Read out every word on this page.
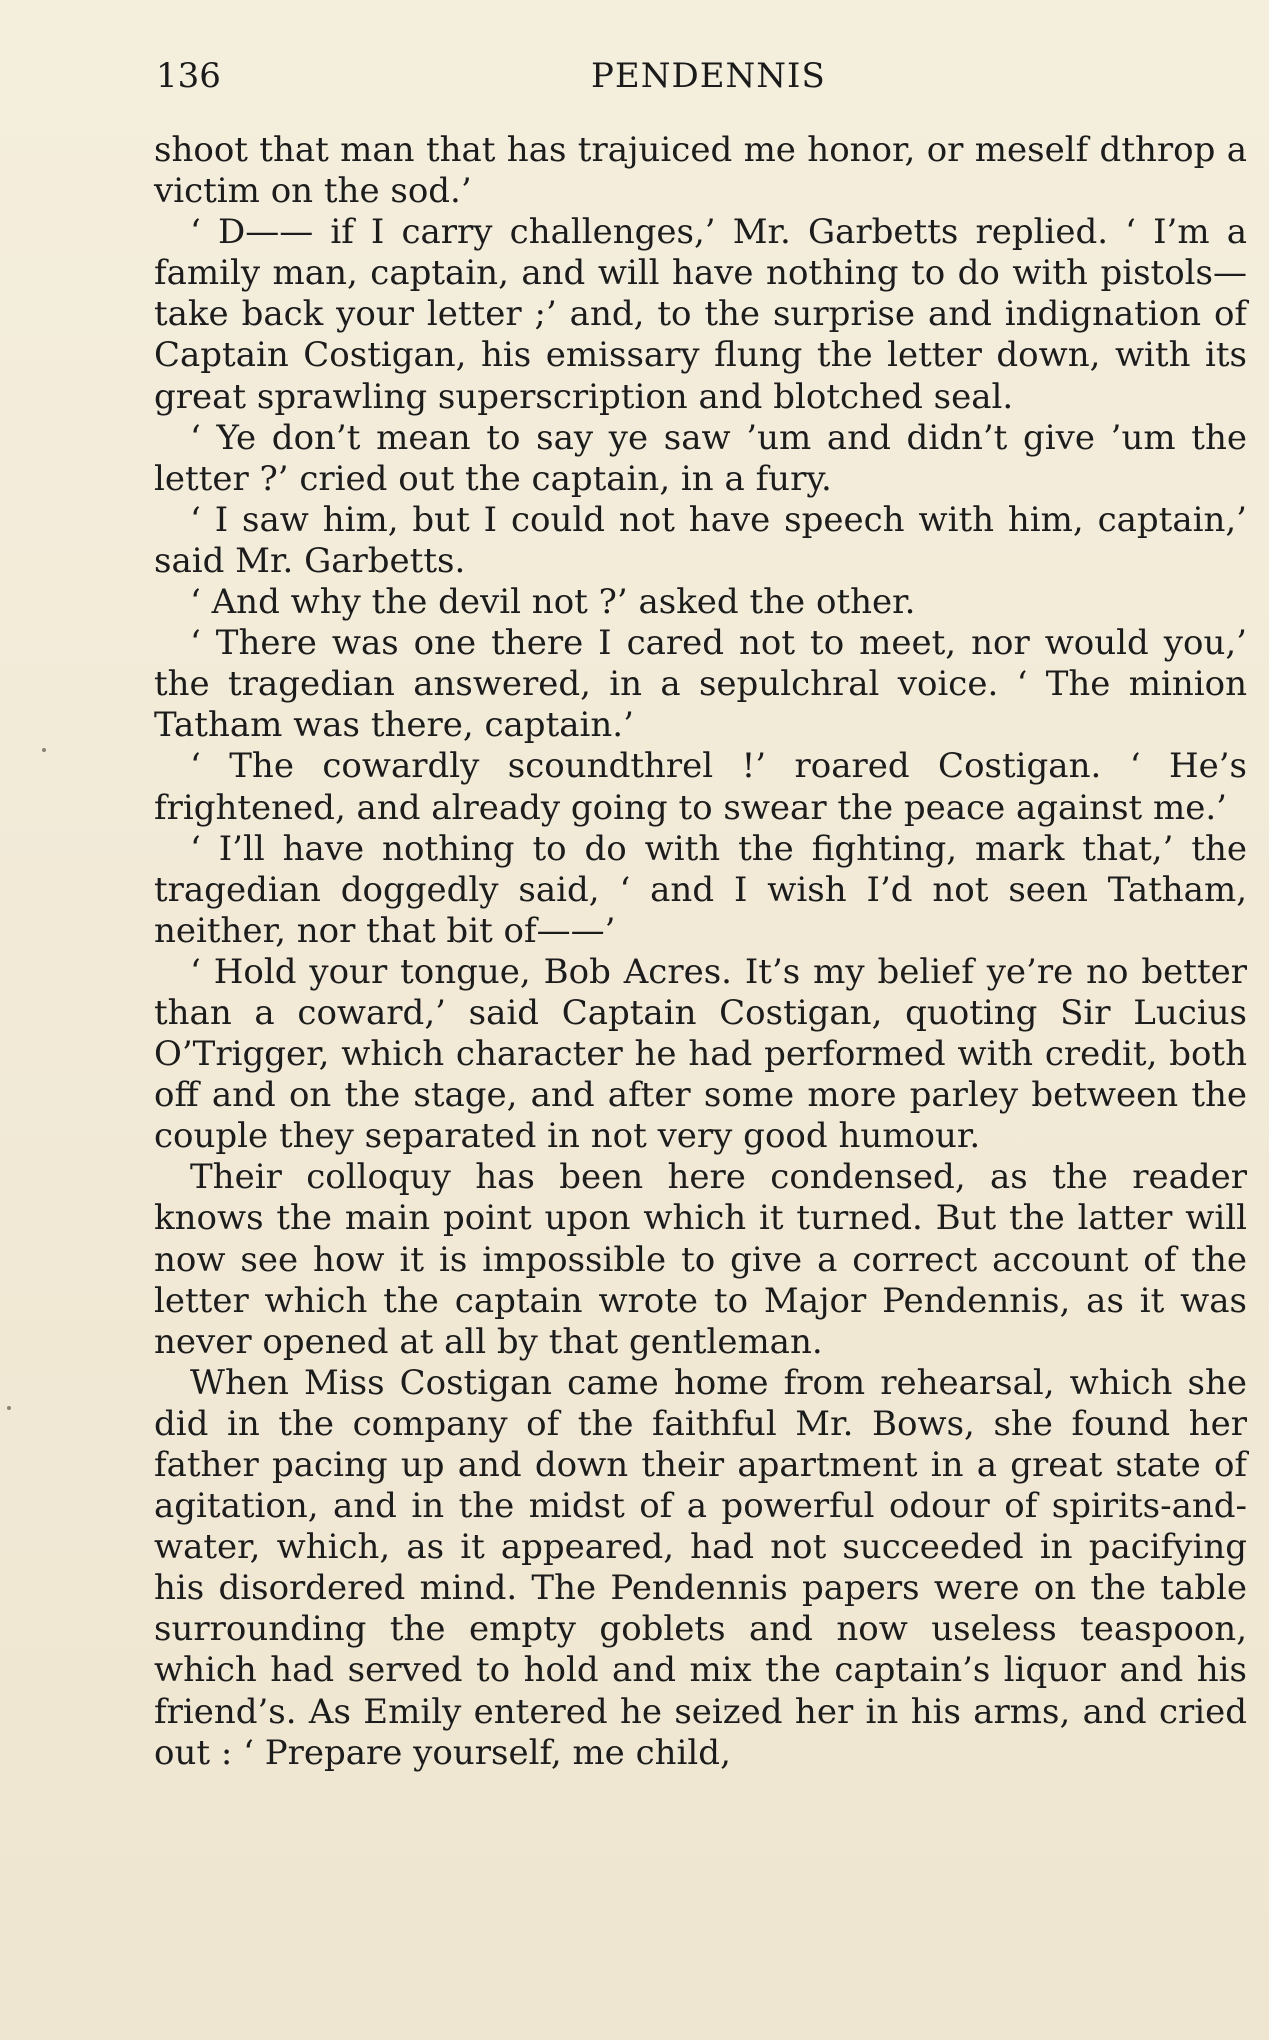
136	PENDENNIS

shoot that man that has trajuiced me honor, or meself dthrop a victim on the sod.’

‘ D—— if I carry challenges,’ Mr. Garbetts replied. ‘ I’m a family man, captain, and will have nothing to do with pistols—take back your letter ;’ and, to the surprise and indignation of Captain Costigan, his emissary flung the letter down, with its great sprawling superscription and blotched seal.

‘ Ye don’t mean to say ye saw ’um and didn’t give ’um the letter ?’ cried out the captain, in a fury.

‘ I saw him, but I could not have speech with him, captain,’ said Mr. Garbetts.

‘ And why the devil not ?’ asked the other.

‘ There was one there I cared not to meet, nor would you,’ the tragedian answered, in a sepulchral voice. ‘ The minion Tatham was there, captain.’

‘ The cowardly scoundthrel !’ roared Costigan. ‘ He’s frightened, and already going to swear the peace against me.’

‘ I’ll have nothing to do with the fighting, mark that,’ the tragedian doggedly said, ‘ and I wish I’d not seen Tatham, neither, nor that bit of——’

‘ Hold your tongue, Bob Acres. It’s my belief ye’re no better than a coward,’ said Captain Costigan, quoting Sir Lucius O’Trigger, which character he had performed with credit, both off and on the stage, and after some more parley between the couple they separated in not very good humour.

Their colloquy has been here condensed, as the reader knows the main point upon which it turned. But the latter will now see how it is impossible to give a correct account of the letter which the captain wrote to Major Pendennis, as it was never opened at all by that gentleman.

When Miss Costigan came home from rehearsal, which she did in the company of the faithful Mr. Bows, she found her father pacing up and down their apartment in a great state of agitation, and in the midst of a powerful odour of spirits-and-water, which, as it appeared, had not succeeded in pacifying his disordered mind. The Pendennis papers were on the table surrounding the empty goblets and now useless teaspoon, which had served to hold and mix the captain’s liquor and his friend’s. As Emily entered he seized her in his arms, and cried out : ‘ Prepare yourself, me child,
